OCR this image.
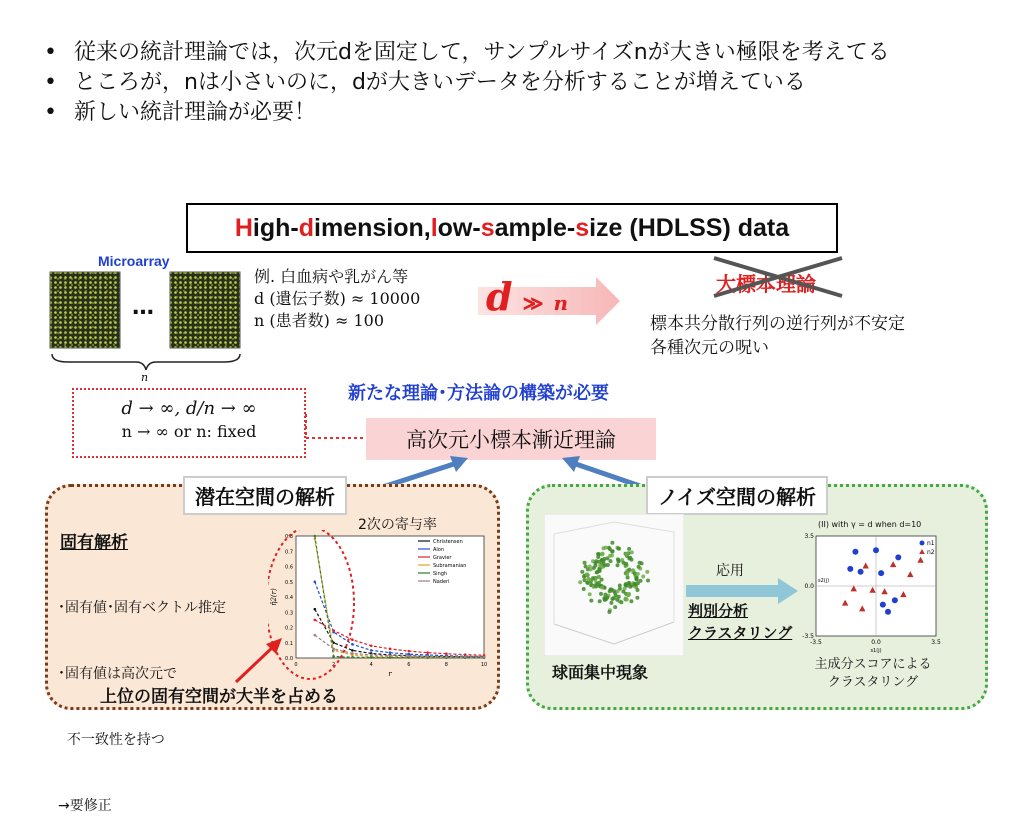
• 従来の統計理論では，次元dを固定して，サンプルサイズnが大きい極限を考えてる
• ところが，nは小さいのに，dが大きいデータを分析することが増えている
• 新しい統計理論が必要！
H igh- d imension, l ow- s ample- s ize (HDLSS) data
Microarray
…
n
例. 白血病や乳がん等
d (遺伝子数) ≈ 10000
n (患者数) ≈ 100
d ≫ n
大標本理論
標本共分散行列の逆行列が不安定
各種次元の呪い
新たな理論･方法論の構築が必要
d → ∞, d/n → ∞
n → ∞ or n: fixed	高次元小標本漸近理論
潜在空間の解析
固有解析

･固有値･固有ベクトル推定

･固有値は高次元で

不一致性を持つ

→要修正

2次の寄与率
0.0
0.1
0.2
0.3
0.4
0.5
0.6
0.7
0.8
0	2	4	6	8	10
r
η̂2(r)
Christensen
Alon
Gravier
Subramanian
Singh
Naderi
上位の固有空間が大半を占める
ノイズ空間の解析
球面集中現象
応用
判別分析
クラスタリング
(II) with γ = d when d=10
-3.5	0.0	3.5
3.5
0.0
-3.5
s1(j)
s2(j)
n1
n2
主成分スコアによる
クラスタリング
